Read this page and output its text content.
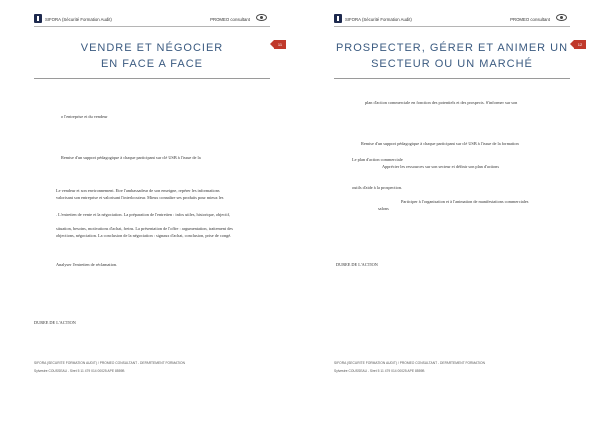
SIFORA (Sécurité Formation Audit)	PROMEO consultant
11
VENDRE ET NÉGOCIER
EN FACE A FACE
o l'entreprise et du vendeur
Remise d'un support pédagogique à chaque participant sur clé USB à l'issue de la
Le vendeur et son environnement. Etre l'ambassadeur de son enseigne, repérer les informations
valorisant son entreprise et valorisant l'interlocuteur. Mieux connaître ses produits pour mieux les
. L'entretien de vente et la négociation. La préparation de l'entretien : infos utiles, historique, objectif,
situation, besoins, motivations d'achat, freins. La présentation de l'offre : argumentation, traitement des
objections, négociation. La conclusion de la négociation : signaux d'achat, conclusion, prise de congé.
Analyser l'entretien de réclamation.
DUREE DE L'ACTION
SIFORA (SECURITE FORMATION AUDIT) / PROMEO CONSULTANT - DEPARTEMENT FORMATION
Sylvestre COUSSEAU - Siret 5 11 479 014 00025 APE 8559B
SIFORA (Sécurité Formation Audit)	PROMEO consultant
12
PROSPECTER, GÉRER ET ANIMER UN
SECTEUR OU UN MARCHÉ
plan d'action commerciale en fonction des potentiels et des prospects. S'informer sur son
Remise d'un support pédagogique à chaque participant sur clé USB à l'issue de la formation
Le plan d'action commerciale
Apprécier les ressources sur son secteur et définir son plan d'actions
outils d'aide à la prospection.
Participer à l'organisation et à l'animation de manifestations commerciales
salons
DUREE DE L'ACTION
SIFORA (SECURITE FORMATION AUDIT) / PROMEO CONSULTANT - DEPARTEMENT FORMATION
Sylvestre COUSSEAU - Siret 5 11 479 014 00025 APE 8559B
